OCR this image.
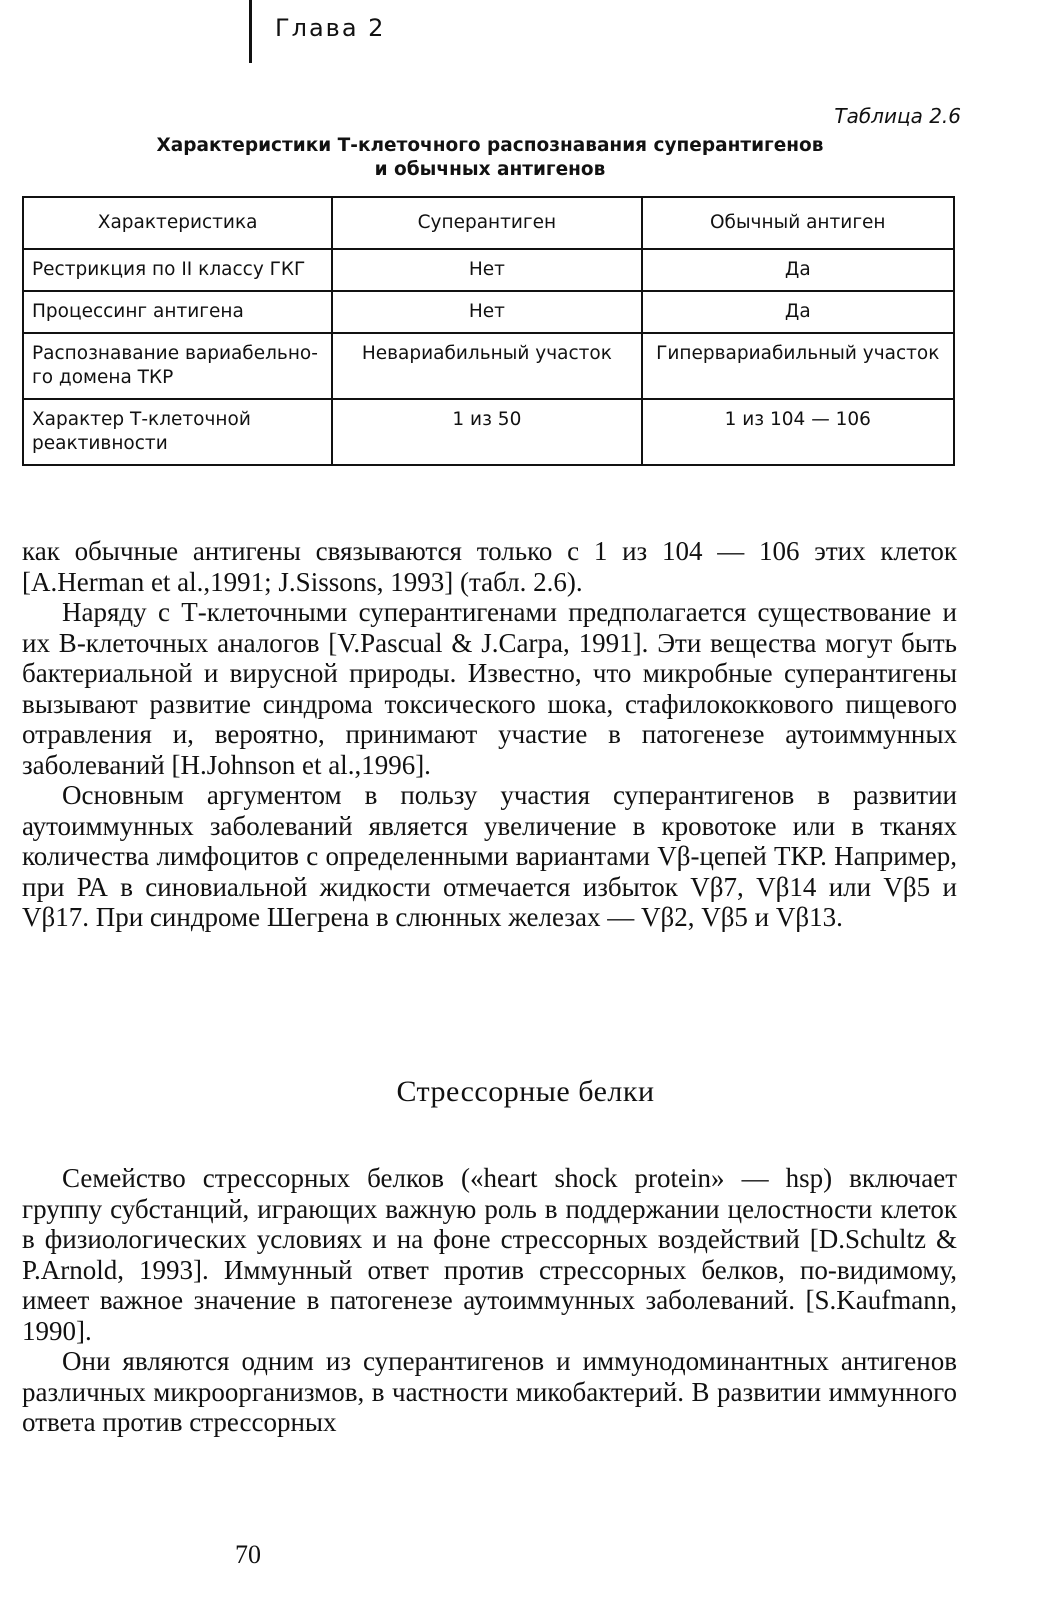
Глава 2
Таблица 2.6
Характеристики Т-клеточного распознавания суперантигенов
и обычных антигенов
Характеристика	Суперантиген	Обычный антиген
Рестрикция по II классу ГКГ	Нет	Да
Процессинг антигена	Нет	Да
Распознавание вариабельно-го домена ТКР	Невариабильный участок	Гипервариабильный участок
Характер Т-клеточной реактивности	1 из 50	1 из 104 — 106

как обычные антигены связываются только с 1 из 104 — 106 этих клеток [A.Herman et al.,1991; J.Sissons, 1993] (табл. 2.6).

Наряду с Т-клеточными суперантигенами предполагается существование и их В-клеточных аналогов [V.Pascual & J.Carpa, 1991]. Эти вещества могут быть бактериальной и вирусной природы. Известно, что микробные суперантигены вызывают развитие синдрома токсического шока, стафилококкового пищевого отравления и, вероятно, принимают участие в патогенезе аутоиммунных заболеваний [H.Johnson et al.,1996].

Основным аргументом в пользу участия суперантигенов в развитии аутоиммунных заболеваний является увеличение в кровотоке или в тканях количества лимфоцитов с определенными вариантами Vβ-цепей ТКР. Например, при РА в синовиальной жидкости отмечается избыток Vβ7, Vβ14 или Vβ5 и Vβ17. При синдроме Шегрена в слюнных железах — Vβ2, Vβ5 и Vβ13.

Стрессорные белки

Семейство стрессорных белков («heart shock protein» — hsp) включает группу субстанций, играющих важную роль в поддержании целостности клеток в физиологических условиях и на фоне стрессорных воздействий [D.Schultz & P.Arnold, 1993]. Иммунный ответ против стрессорных белков, по-видимому, имеет важное значение в патогенезе аутоиммунных заболеваний. [S.Kaufmann, 1990].

Они являются одним из суперантигенов и иммунодоминантных антигенов различных микроорганизмов, в частности микобактерий. В развитии иммунного ответа против стрессорных

70
